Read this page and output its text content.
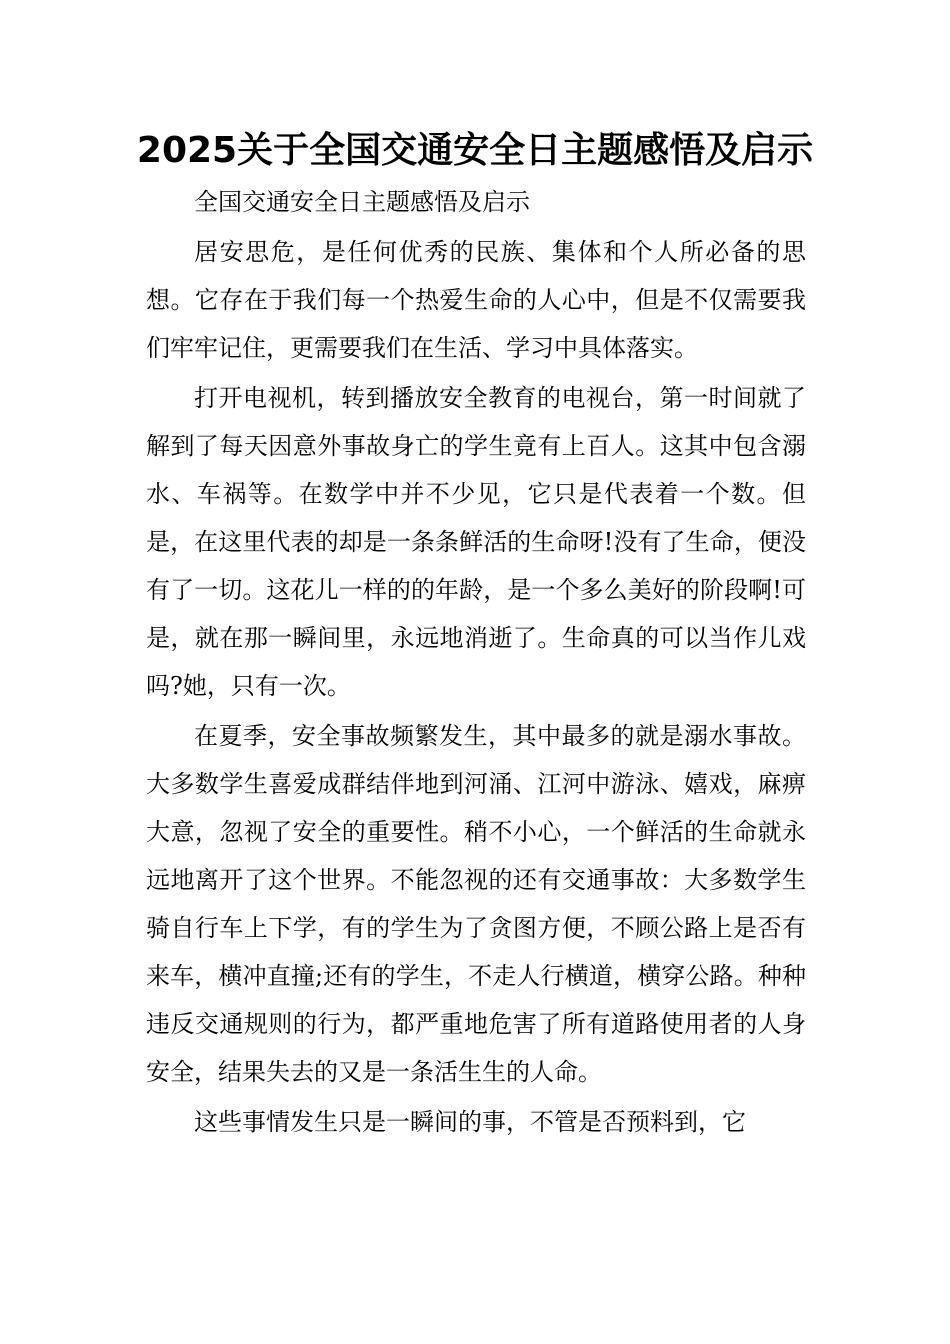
2025关于全国交通安全日主题感悟及启示

全国交通安全日主题感悟及启示

居安思危，是任何优秀的民族、集体和个人所必备的思想。它存在于我们每一个热爱生命的人心中，但是不仅需要我们牢牢记住，更需要我们在生活、学习中具体落实。

打开电视机，转到播放安全教育的电视台，第一时间就了解到了每天因意外事故身亡的学生竟有上百人。这其中包含溺水、车祸等。在数学中并不少见，它只是代表着一个数。但是，在这里代表的却是一条条鲜活的生命呀!没有了生命，便没有了一切。这花儿一样的的年龄，是一个多么美好的阶段啊!可是，就在那一瞬间里，永远地消逝了。生命真的可以当作儿戏吗?她，只有一次。

在夏季，安全事故频繁发生，其中最多的就是溺水事故。大多数学生喜爱成群结伴地到河涌、江河中游泳、嬉戏，麻痹大意，忽视了安全的重要性。稍不小心，一个鲜活的生命就永远地离开了这个世界。不能忽视的还有交通事故：大多数学生骑自行车上下学，有的学生为了贪图方便，不顾公路上是否有来车，横冲直撞;还有的学生，不走人行横道，横穿公路。种种违反交通规则的行为，都严重地危害了所有道路使用者的人身安全，结果失去的又是一条活生生的人命。

这些事情发生只是一瞬间的事，不管是否预料到，它
